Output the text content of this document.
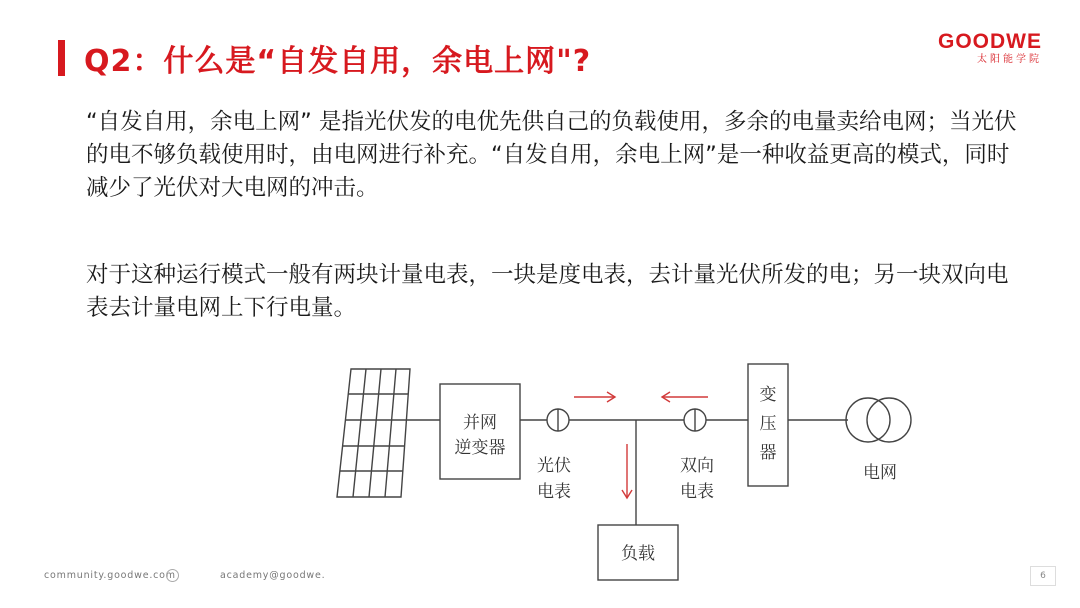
Q2：什么是“自发自用，余电上网"?
GOODWE
太阳能学院
“自发自用，余电上网” 是指光伏发的电优先供自己的负载使用，多余的电量卖给电网；当光伏的电不够负载使用时，由电网进行补充。“自发自用，余电上网”是一种收益更高的模式，同时减少了光伏对大电网的冲击。
对于这种运行模式一般有两块计量电表，一块是度电表，去计量光伏所发的电；另一块双向电表去计量电网上下行电量。
并网
逆变器
光伏
电表
双向
电表
变
压
器
负载
电网
community.goodwe.com	academy@goodwe.	6
